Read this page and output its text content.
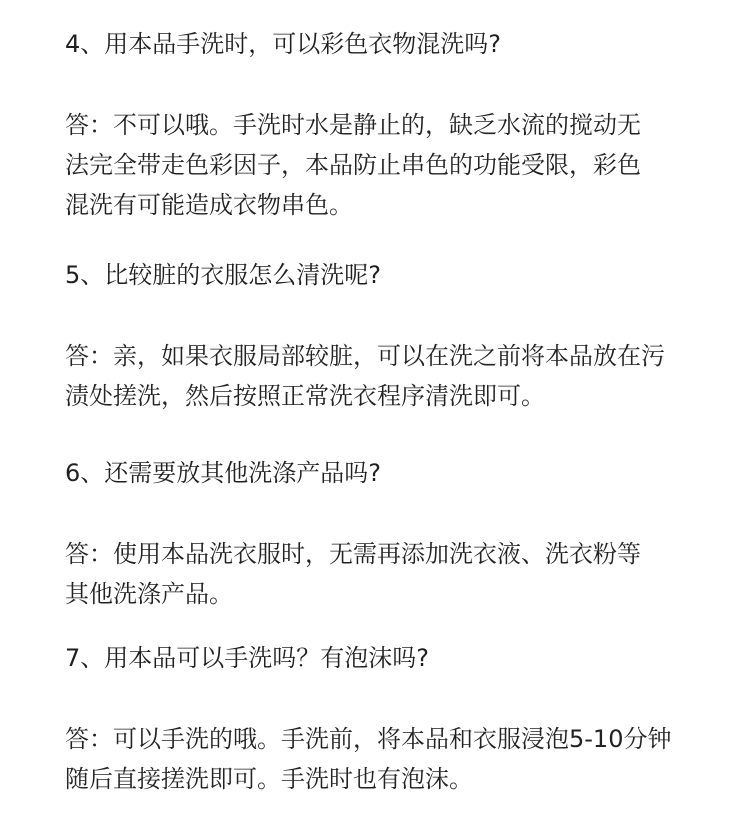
4、用本品手洗时，可以彩色衣物混洗吗?
答：不可以哦。手洗时水是静止的，缺乏水流的搅动无
法完全带走色彩因子，本品防止串色的功能受限，彩色
混洗有可能造成衣物串色。
5、比较脏的衣服怎么清洗呢?
答：亲，如果衣服局部较脏，可以在洗之前将本品放在污
渍处搓洗，然后按照正常洗衣程序清洗即可。
6、还需要放其他洗涤产品吗?
答：使用本品洗衣服时，无需再添加洗衣液、洗衣粉等
其他洗涤产品。
7、用本品可以手洗吗？有泡沫吗?
答：可以手洗的哦。手洗前，将本品和衣服浸泡5-10分钟
随后直接搓洗即可。手洗时也有泡沫。
